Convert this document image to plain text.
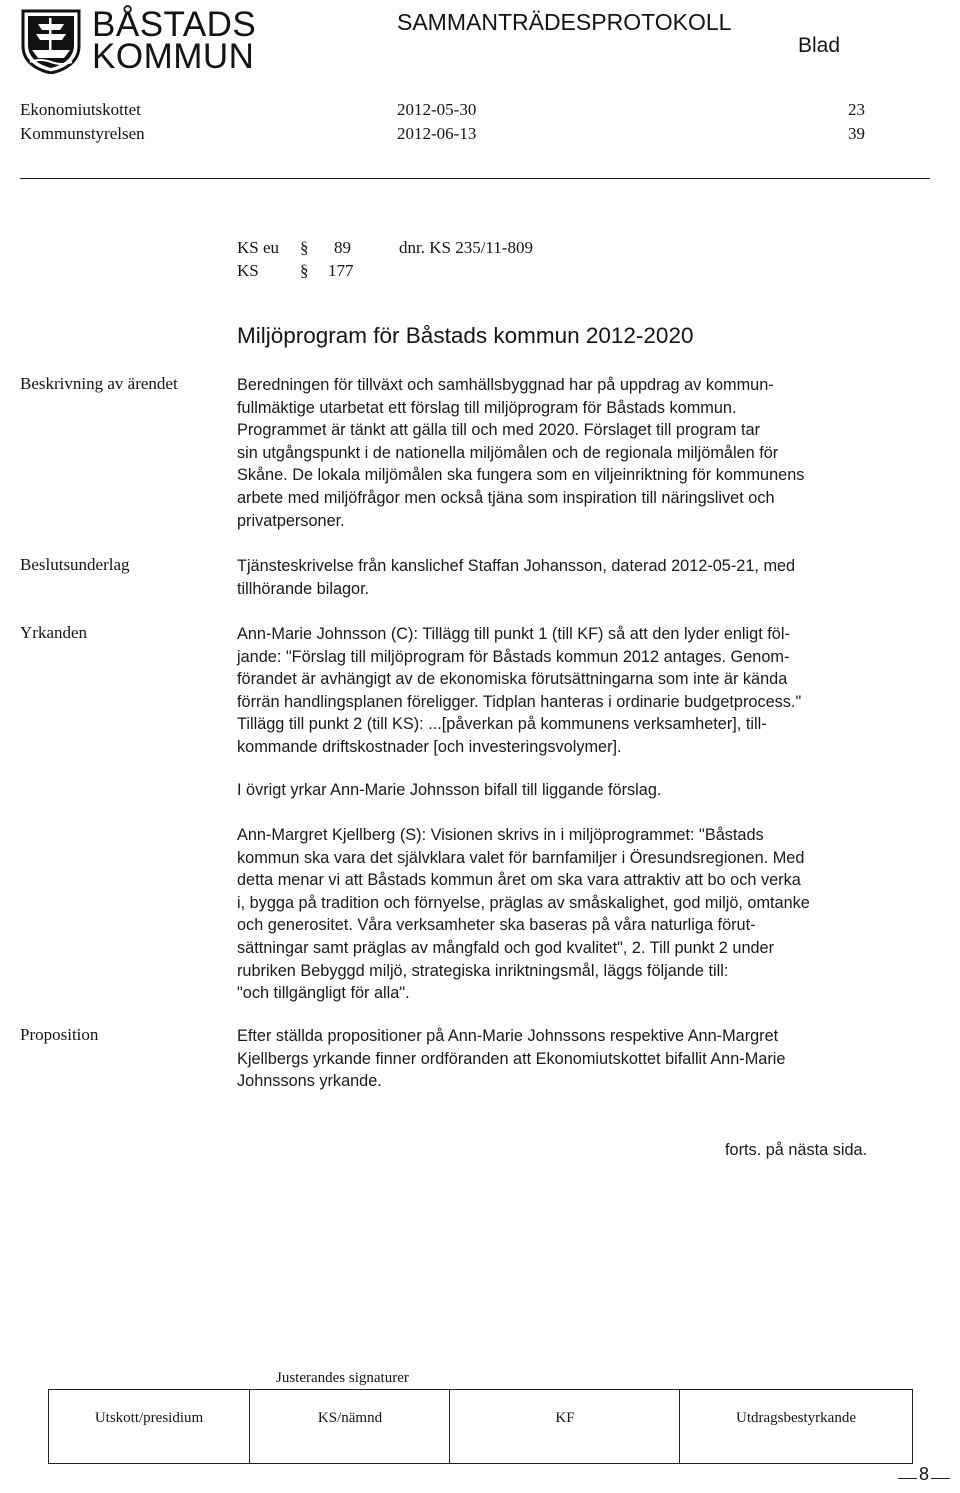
BÅSTADS
KOMMUN
SAMMANTRÄDESPROTOKOLL
Blad
Ekonomiutskottet	2012-05-30	23
Kommunstyrelsen	2012-06-13	39
KS eu § 89	dnr. KS 235/11-809
KS § 177
Miljöprogram för Båstads kommun 2012-2020
Beskrivning av ärendet	Beredningen för tillväxt och samhällsbyggnad har på uppdrag av kommun-
fullmäktige utarbetat ett förslag till miljöprogram för Båstads kommun.
Programmet är tänkt att gälla till och med 2020. Förslaget till program tar
sin utgångspunkt i de nationella miljömålen och de regionala miljömålen för
Skåne. De lokala miljömålen ska fungera som en viljeinriktning för kommunens
arbete med miljöfrågor men också tjäna som inspiration till näringslivet och
privatpersoner.
Beslutsunderlag	Tjänsteskrivelse från kanslichef Staffan Johansson, daterad 2012-05-21, med
tillhörande bilagor.
Yrkanden	Ann-Marie Johnsson (C): Tillägg till punkt 1 (till KF) så att den lyder enligt föl-
jande: "Förslag till miljöprogram för Båstads kommun 2012 antages. Genom-
förandet är avhängigt av de ekonomiska förutsättningarna som inte är kända
förrän handlingsplanen föreligger. Tidplan hanteras i ordinarie budgetprocess."
Tillägg till punkt 2 (till KS): ...[påverkan på kommunens verksamheter], till-
kommande driftskostnader [och investeringsvolymer].
I övrigt yrkar Ann-Marie Johnsson bifall till liggande förslag.
Ann-Margret Kjellberg (S): Visionen skrivs in i miljöprogrammet: "Båstads
kommun ska vara det självklara valet för barnfamiljer i Öresundsregionen. Med
detta menar vi att Båstads kommun året om ska vara attraktiv att bo och verka
i, bygga på tradition och förnyelse, präglas av småskalighet, god miljö, omtanke
och generositet. Våra verksamheter ska baseras på våra naturliga förut-
sättningar samt präglas av mångfald och god kvalitet", 2. Till punkt 2 under
rubriken Bebyggd miljö, strategiska inriktningsmål, läggs följande till:
"och tillgängligt för alla".
Proposition	Efter ställda propositioner på Ann-Marie Johnssons respektive Ann-Margret
Kjellbergs yrkande finner ordföranden att Ekonomiutskottet bifallit Ann-Marie
Johnssons yrkande.
forts. på nästa sida.
Justerandes signaturer
Utskott/presidium	KS/nämnd	KF	Utdragsbestyrkande
8
